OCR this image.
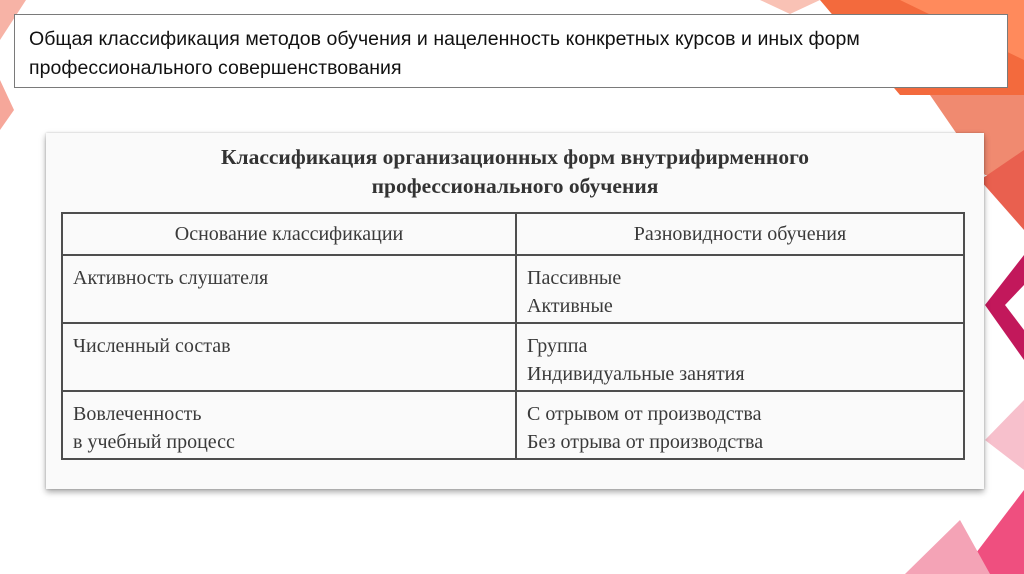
Общая классификация методов обучения и нацеленность конкретных курсов и иных форм профессионального совершенствования
Классификация организационных форм внутрифирменного
профессионального обучения
Основание классификации	Разновидности обучения

Активность слушателя	Пассивные
Активные

Численный состав	Группа
Индивидуальные занятия

Вовлеченность
в учебный процесс	С отрывом от производства
Без отрыва от производства
